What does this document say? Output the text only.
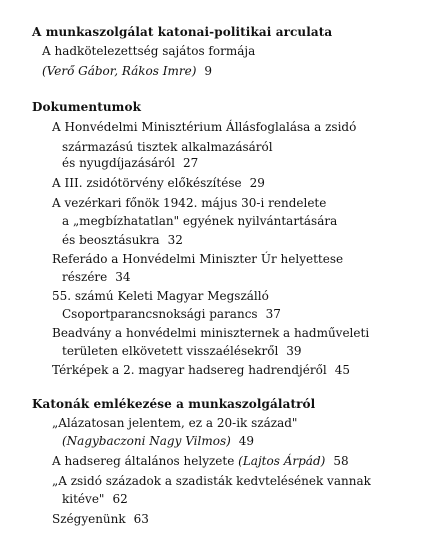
A munkaszolgálat katonai-politikai arculata
A hadkötelezettség sajátos formája
(Verő Gábor, Rákos Imre) 9
Dokumentumok
A Honvédelmi Minisztérium Állásfoglalása a zsidó
származású tisztek alkalmazásáról
és nyugdíjazásáról 27
A III. zsidótörvény előkészítése 29
A vezérkari főnök 1942. május 30-i rendelete
a „megbízhatatlan" egyének nyilvántartására
és beosztásukra 32
Referádo a Honvédelmi Miniszter Úr helyettese
részére 34
55. számú Keleti Magyar Megszálló
Csoportparancsnoksági parancs 37
Beadvány a honvédelmi miniszternek a hadműveleti
területen elkövetett visszaélésekről 39
Térképek a 2. magyar hadsereg hadrendjéről 45
Katonák emlékezése a munkaszolgálatról
„Alázatosan jelentem, ez a 20-ik század"
(Nagybaczoni Nagy Vilmos) 49
A hadsereg általános helyzete (Lajtos Árpád) 58
„A zsidó századok a szadisták kedvtelésének vannak
kitéve" 62
Szégyenünk 63
